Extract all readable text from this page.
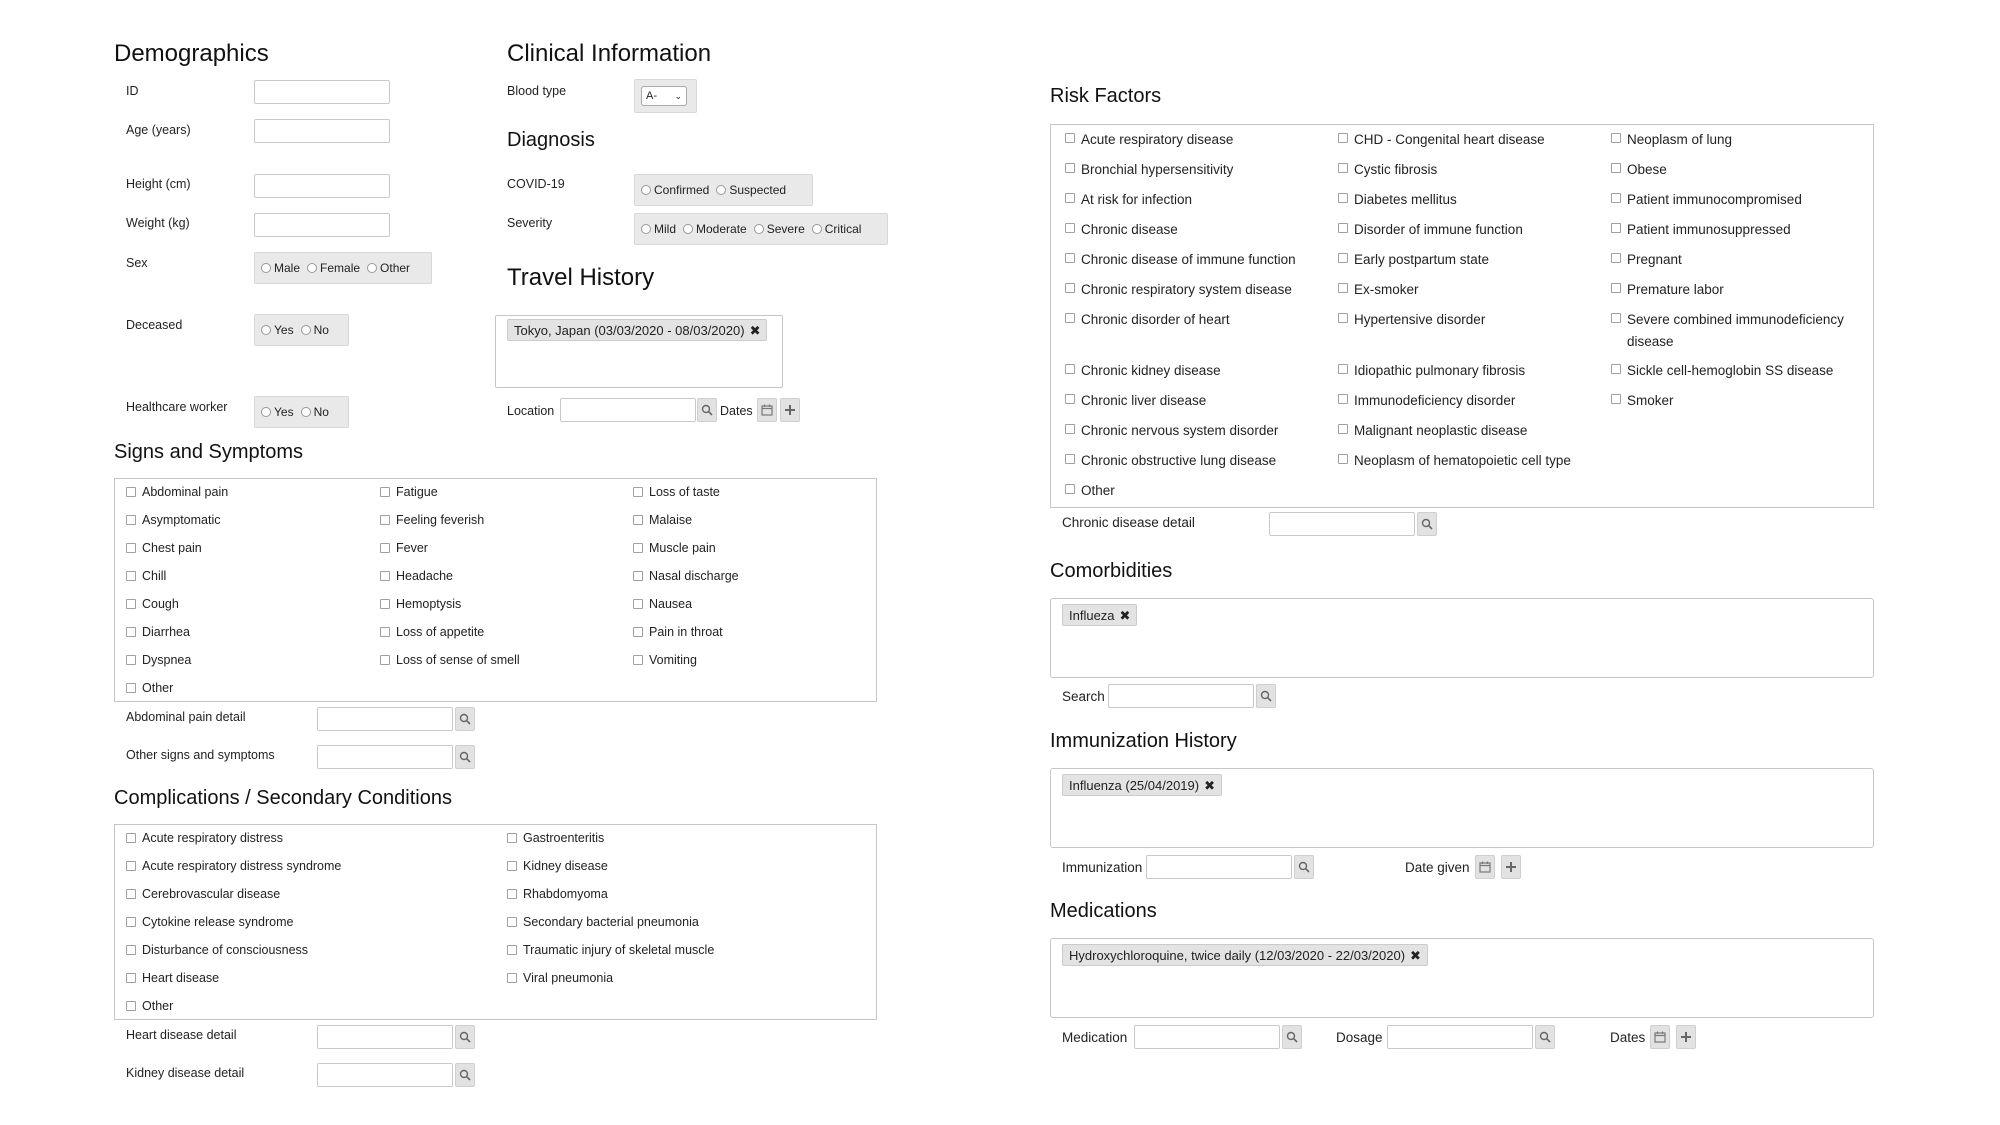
Demographics
ID
Age (years)
Height (cm)
Weight (kg)
Sex	Male Female Other
Deceased	Yes No
Healthcare worker	Yes No
Clinical Information
Blood type	A- ⌄
Diagnosis
COVID-19	Confirmed Suspected
Severity	Mild Moderate Severe Critical
Travel History
Tokyo, Japan (03/03/2020 - 08/03/2020) ✖
Location	Dates
Signs and Symptoms
Abdominal pain
Asymptomatic
Chest pain
Chill
Cough
Diarrhea
Dyspnea
Other
Fatigue
Feeling feverish
Fever
Headache
Hemoptysis
Loss of appetite
Loss of sense of smell
Loss of taste
Malaise
Muscle pain
Nasal discharge
Nausea
Pain in throat
Vomiting
Abdominal pain detail
Other signs and symptoms
Complications / Secondary Conditions
Acute respiratory distress
Acute respiratory distress syndrome
Cerebrovascular disease
Cytokine release syndrome
Disturbance of consciousness
Heart disease
Other
Gastroenteritis
Kidney disease
Rhabdomyoma
Secondary bacterial pneumonia
Traumatic injury of skeletal muscle
Viral pneumonia
Heart disease detail
Kidney disease detail
Risk Factors
Acute respiratory disease
Bronchial hypersensitivity
At risk for infection
Chronic disease
Chronic disease of immune function
Chronic respiratory system disease
Chronic disorder of heart
Chronic kidney disease
Chronic liver disease
Chronic nervous system disorder
Chronic obstructive lung disease
Other
CHD - Congenital heart disease
Cystic fibrosis
Diabetes mellitus
Disorder of immune function
Early postpartum state
Ex-smoker
Hypertensive disorder
Idiopathic pulmonary fibrosis
Immunodeficiency disorder
Malignant neoplastic disease
Neoplasm of hematopoietic cell type
Neoplasm of lung
Obese
Patient immunocompromised
Patient immunosuppressed
Pregnant
Premature labor
Severe combined immunodeficiency disease
Sickle cell-hemoglobin SS disease
Smoker
Chronic disease detail
Comorbidities
Influeza ✖
Search
Immunization History
Influenza (25/04/2019) ✖
Immunization	Date given
Medications
Hydroxychloroquine, twice daily (12/03/2020 - 22/03/2020) ✖
Medication	Dosage	Dates
